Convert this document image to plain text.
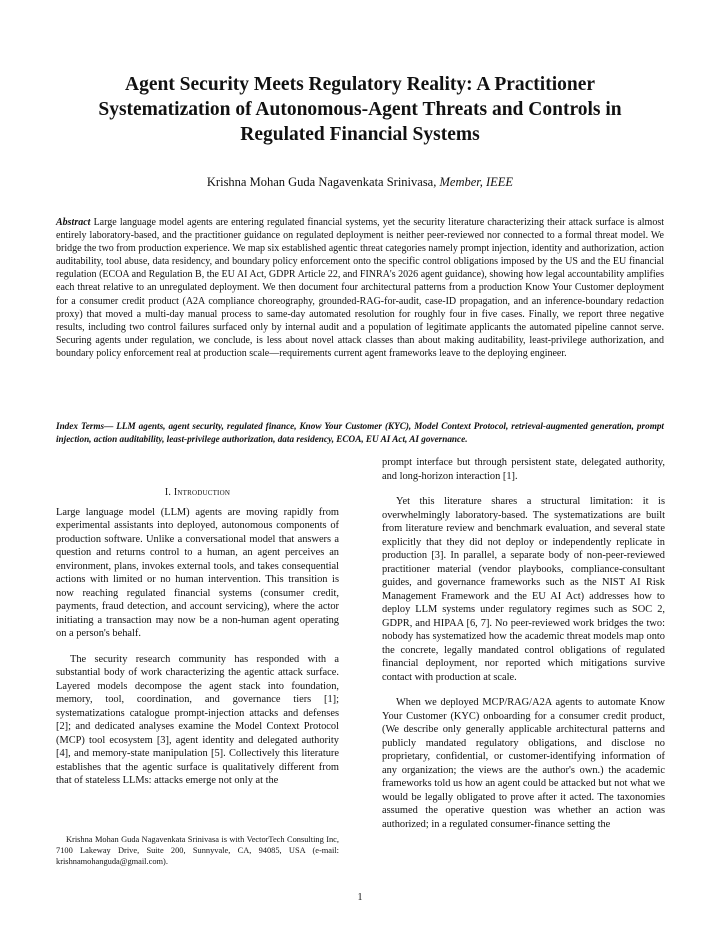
Agent Security Meets Regulatory Reality: A Practitioner Systematization of Autonomous-Agent Threats and Controls in Regulated Financial Systems
Krishna Mohan Guda Nagavenkata Srinivasa, Member, IEEE
Abstract Large language model agents are entering regulated financial systems, yet the security literature characterizing their attack surface is almost entirely laboratory-based, and the practitioner guidance on regulated deployment is neither peer-reviewed nor connected to a formal threat model. We bridge the two from production experience. We map six established agentic threat categories namely prompt injection, identity and authorization, action auditability, tool abuse, data residency, and boundary policy enforcement onto the specific control obligations imposed by the US and the EU financial regulation (ECOA and Regulation B, the EU AI Act, GDPR Article 22, and FINRA's 2026 agent guidance), showing how legal accountability amplifies each threat relative to an unregulated deployment. We then document four architectural patterns from a production Know Your Customer deployment for a consumer credit product (A2A compliance choreography, grounded-RAG-for-audit, case-ID propagation, and an inference-boundary redaction proxy) that moved a multi-day manual process to same-day automated resolution for roughly four in five cases. Finally, we report three negative results, including two control failures surfaced only by internal audit and a population of legitimate applicants the automated pipeline cannot serve. Securing agents under regulation, we conclude, is less about novel attack classes than about making auditability, least-privilege authorization, and boundary policy enforcement real at production scale—requirements current agent frameworks leave to the deploying engineer.
Index Terms— LLM agents, agent security, regulated finance, Know Your Customer (KYC), Model Context Protocol, retrieval-augmented generation, prompt injection, action auditability, least-privilege authorization, data residency, ECOA, EU AI Act, AI governance.
I. Introduction

Large language model (LLM) agents are moving rapidly from experimental assistants into deployed, autonomous components of production software. Unlike a conversational model that answers a question and returns control to a human, an agent perceives an environment, plans, invokes external tools, and takes consequential actions with limited or no human intervention. This transition is now reaching regulated financial systems (consumer credit, payments, fraud detection, and account servicing), where the actor initiating a transaction may now be a non-human agent operating on a person's behalf.

The security research community has responded with a substantial body of work characterizing the agentic attack surface. Layered models decompose the agent stack into foundation, memory, tool, coordination, and governance tiers [1]; systematizations catalogue prompt-injection attacks and defenses [2]; and dedicated analyses examine the Model Context Protocol (MCP) tool ecosystem [3], agent identity and delegated authority [4], and memory-state manipulation [5]. Collectively this literature establishes that the agentic surface is qualitatively different from that of stateless LLMs: attacks emerge not only at the

prompt interface but through persistent state, delegated authority, and long-horizon interaction [1].

Yet this literature shares a structural limitation: it is overwhelmingly laboratory-based. The systematizations are built from literature review and benchmark evaluation, and several state explicitly that they did not deploy or independently replicate in production [3]. In parallel, a separate body of non-peer-reviewed practitioner material (vendor playbooks, compliance-consultant guides, and governance frameworks such as the NIST AI Risk Management Framework and the EU AI Act) addresses how to deploy LLM systems under regulatory regimes such as SOC 2, GDPR, and HIPAA [6, 7]. No peer-reviewed work bridges the two: nobody has systematized how the academic threat models map onto the concrete, legally mandated control obligations of regulated financial deployment, nor reported which mitigations survive contact with production at scale.

When we deployed MCP/RAG/A2A agents to automate Know Your Customer (KYC) onboarding for a consumer credit product, (We describe only generally applicable architectural patterns and publicly mandated regulatory obligations, and disclose no proprietary, confidential, or customer-identifying information of any organization; the views are the author's own.) the academic frameworks told us how an agent could be attacked but not what we would be legally obligated to prove after it acted. The taxonomies assumed the operative question was whether an action was authorized; in a regulated consumer-finance setting the

Krishna Mohan Guda Nagavenkata Srinivasa is with VectorTech Consulting Inc, 7100 Lakeway Drive, Suite 200, Sunnyvale, CA, 94085, USA (e-mail: krishnamohanguda@gmail.com).
1
